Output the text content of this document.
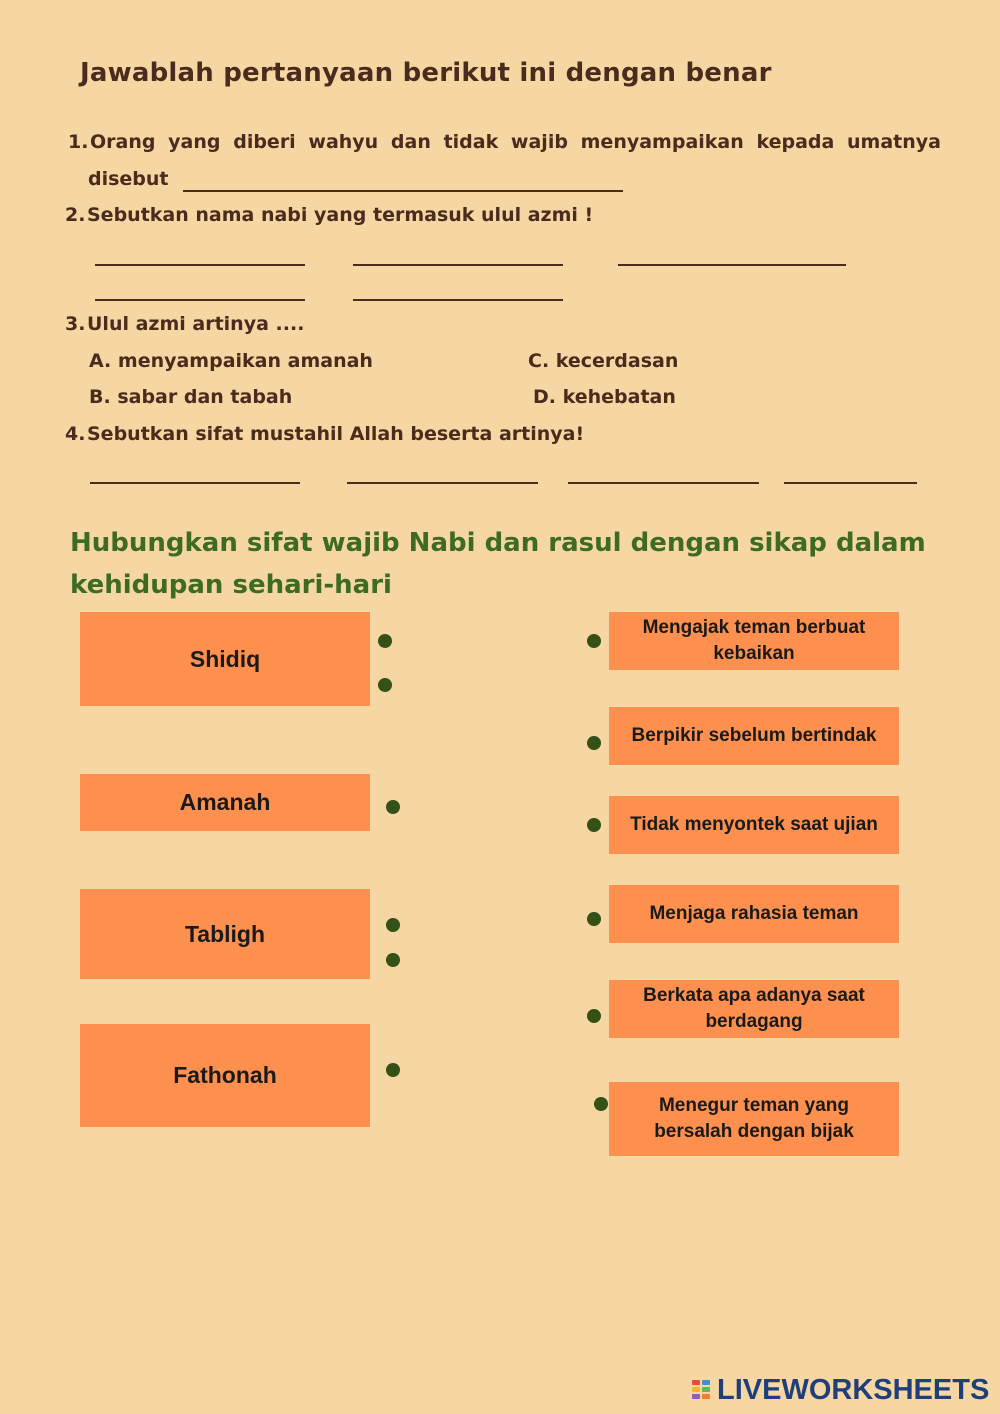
Jawablah pertanyaan berikut ini dengan benar
1. Orang yang diberi wahyu dan tidak wajib menyampaikan kepada umatnya
disebut
2.Sebutkan nama nabi yang termasuk ulul azmi !
3.Ulul azmi artinya ....
A. menyampaikan amanah	C. kecerdasan
B. sabar dan tabah	D. kehebatan
4.Sebutkan sifat mustahil Allah beserta artinya!
Hubungkan sifat wajib Nabi dan rasul dengan sikap dalam kehidupan sehari-hari
Shidiq
Amanah
Tabligh
Fathonah
Mengajak teman berbuat kebaikan
Berpikir sebelum bertindak
Tidak menyontek saat ujian
Menjaga rahasia teman
Berkata apa adanya saat berdagang
Menegur teman yang bersalah dengan bijak
LIVEWORKSHEETS
